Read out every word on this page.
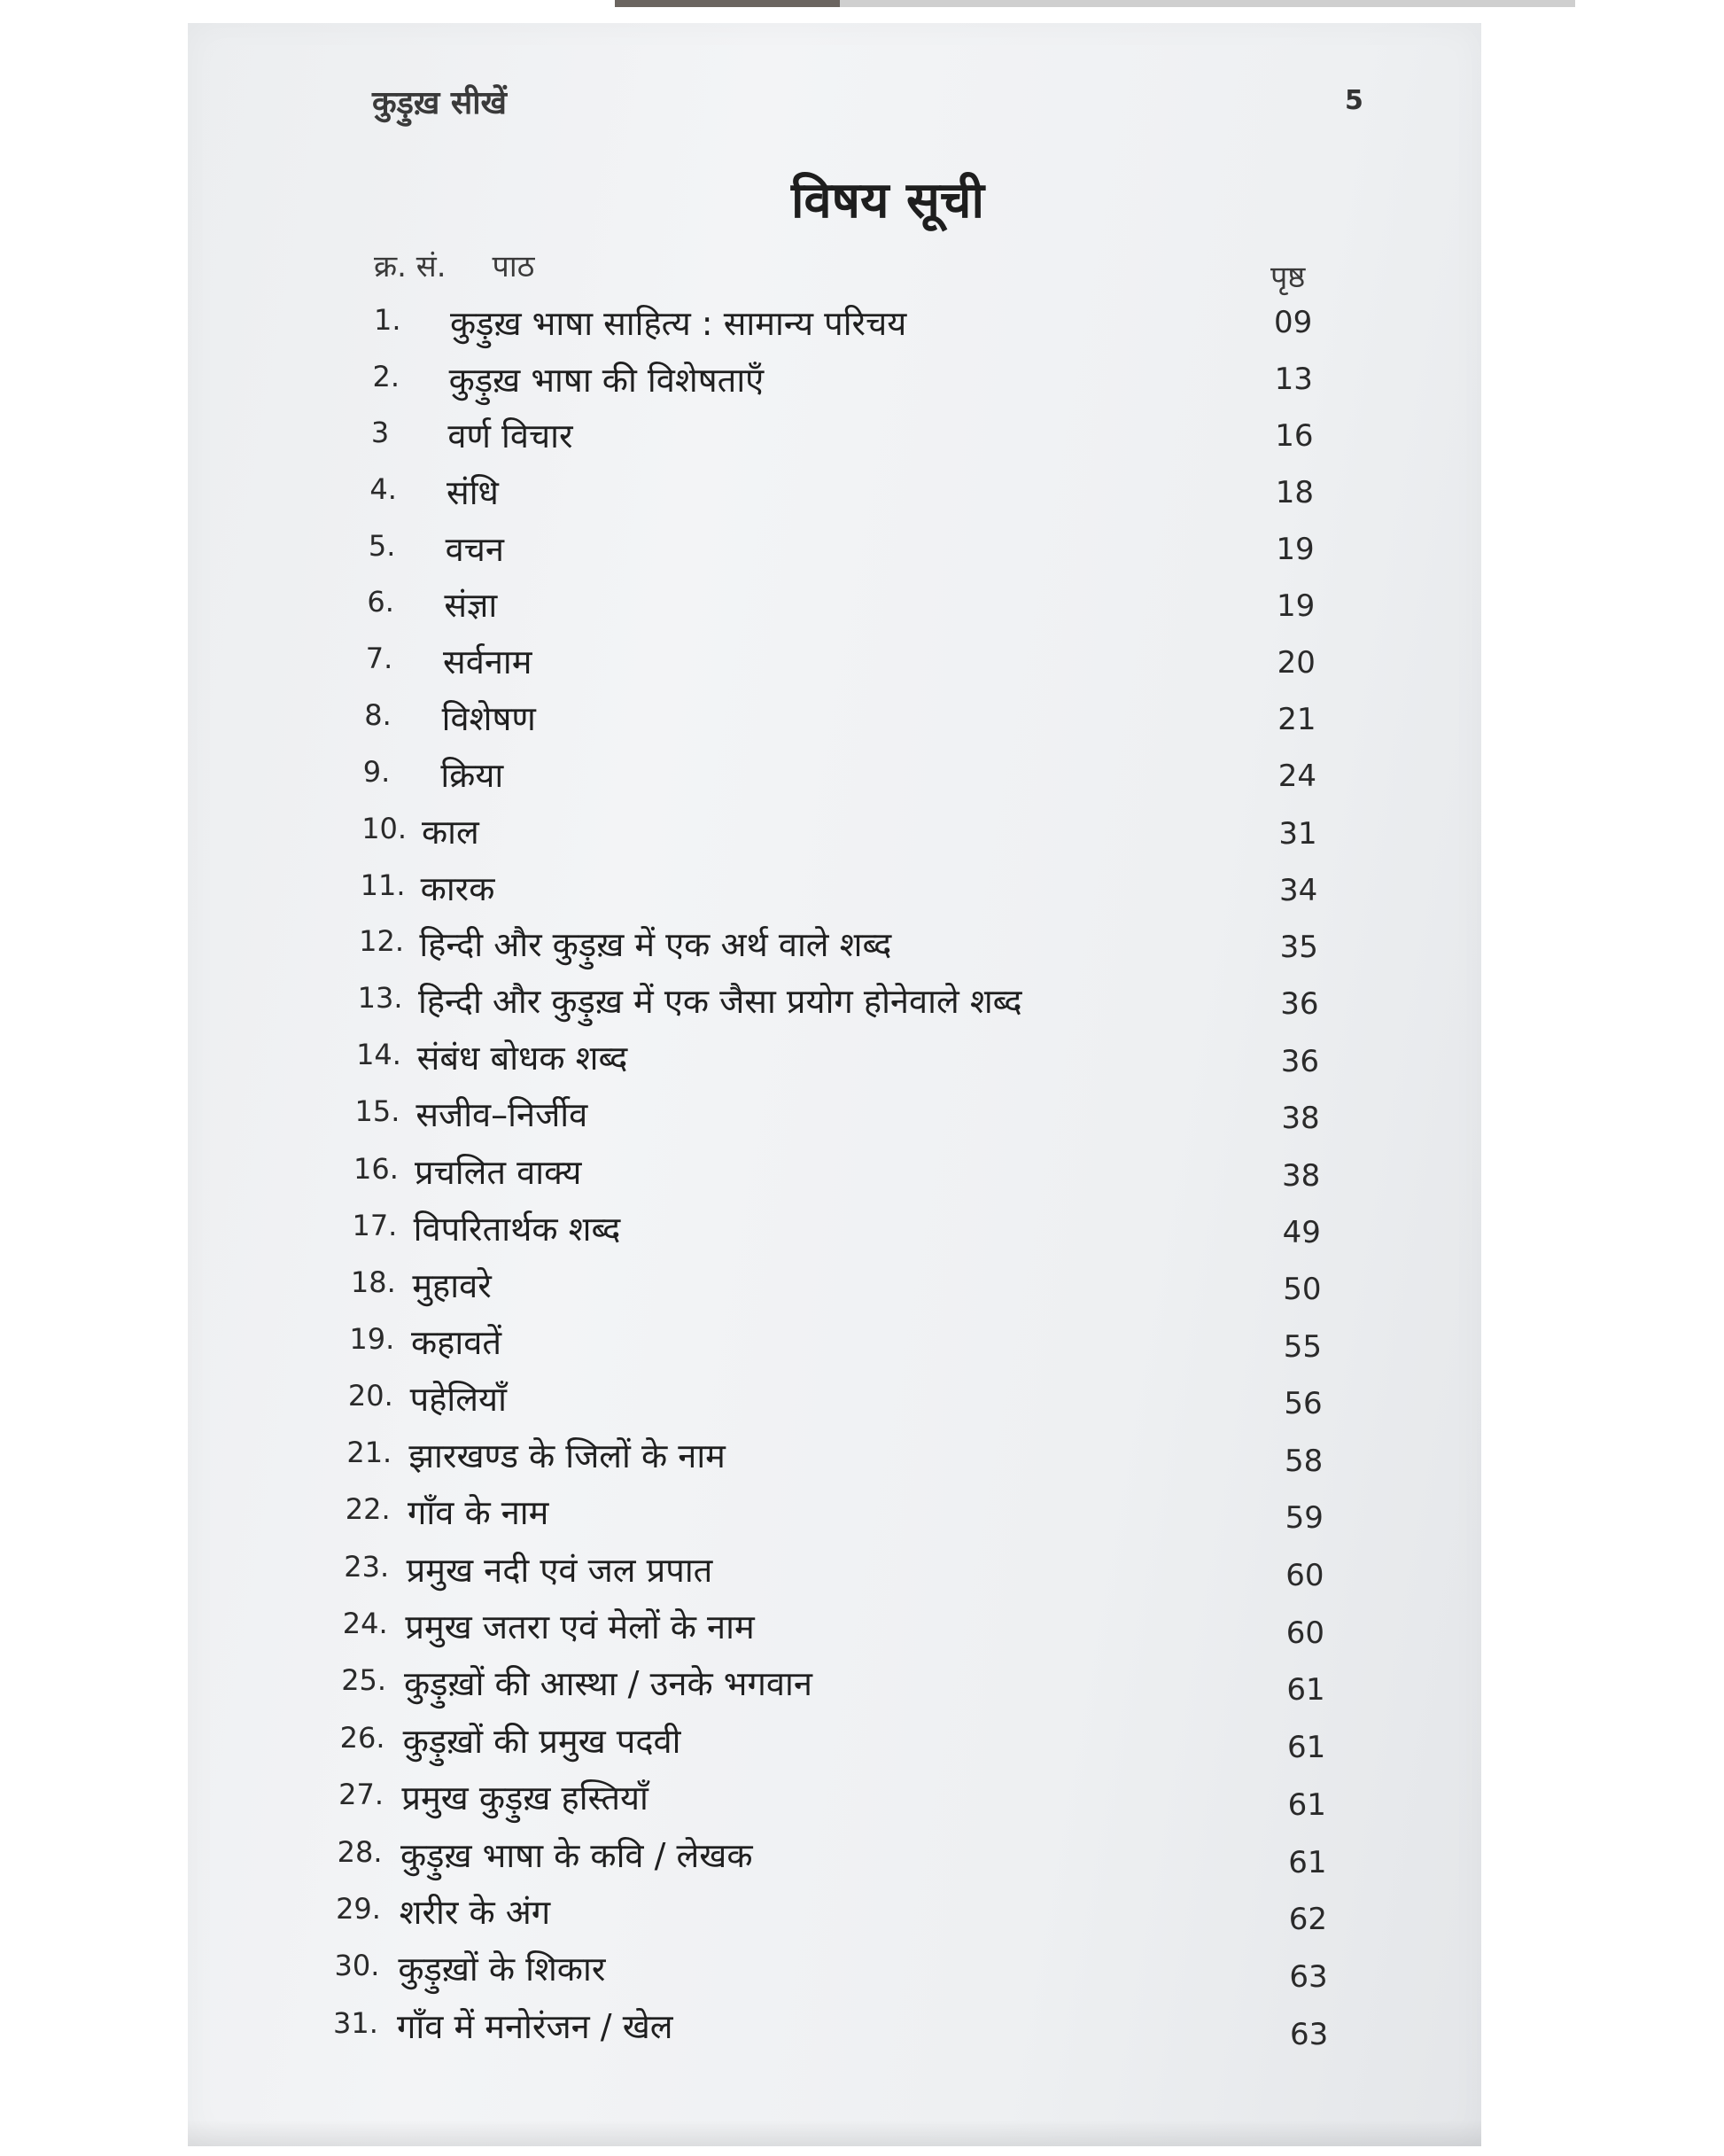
कुड़ुख़ सीखें	5
विषय सूची
क्र. सं. पाठ	पृष्ठ
1. कुड़ुख़ भाषा साहित्य : सामान्य परिचय	09
2. कुड़ुख़ भाषा की विशेषताएँ	13
3 वर्ण विचार	16
4. संधि	18
5. वचन	19
6. संज्ञा	19
7. सर्वनाम	20
8. विशेषण	21
9. क्रिया	24
10. काल	31
11. कारक	34
12. हिन्दी और कुड़ुख़ में एक अर्थ वाले शब्द	35
13. हिन्दी और कुड़ुख़ में एक जैसा प्रयोग होनेवाले शब्द	36
14. संबंध बोधक शब्द	36
15. सजीव–निर्जीव	38
16. प्रचलित वाक्य	38
17. विपरितार्थक शब्द	49
18. मुहावरे	50
19. कहावतें	55
20. पहेलियाँ	56
21. झारखण्ड के जिलों के नाम	58
22. गाँव के नाम	59
23. प्रमुख नदी एवं जल प्रपात	60
24. प्रमुख जतरा एवं मेलों के नाम	60
25. कुड़ुख़ों की आस्था / उनके भगवान	61
26. कुड़ुख़ों की प्रमुख पदवी	61
27. प्रमुख कुड़ुख़ हस्तियाँ	61
28. कुड़ुख़ भाषा के कवि / लेखक	61
29. शरीर के अंग	62
30. कुड़ुख़ों के शिकार	63
31. गाँव में मनोरंजन / खेल	63
